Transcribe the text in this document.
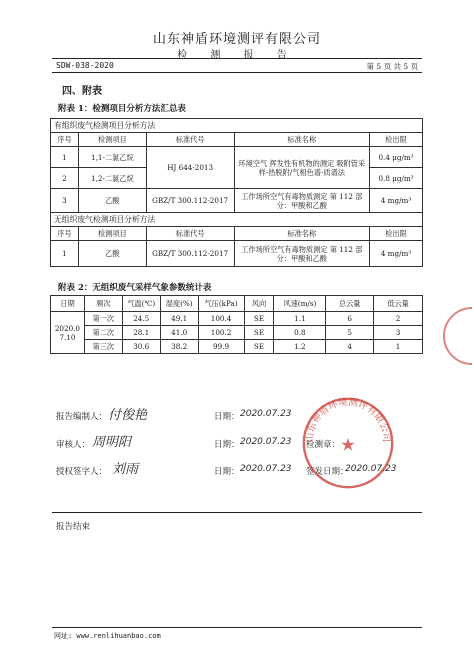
山东神盾环境测评有限公司
检 测 报 告
SDW-038-2020	第 5 页 共 5 页
四、附表
附表 1：检测项目分析方法汇总表
有组织废气检测项目分析方法				
序号	检测项目	标准代号	标准名称	检出限
1	1,1-二氯乙烷	HJ 644-2013	环境空气 挥发性有机物的测定 吸附管采样-热脱附/气相色谱-质谱法	0.4 μg/m³
2	1,2-二氯乙烷			0.8 μg/m³
3	乙酸	GBZ/T 300.112-2017	工作场所空气有毒物质测定 第 112 部分：甲酸和乙酸	4 mg/m³
无组织废气检测项目分析方法				
序号	检测项目	标准代号	标准名称	检出限
1	乙酸	GBZ/T 300.112-2017	工作场所空气有毒物质测定 第 112 部分：甲酸和乙酸	4 mg/m³
附表 2：无组织废气采样气象参数统计表
日期	频次	气温(℃)	湿度(%)	气压(kPa)	风向	风速(m/s)	总云量	低云量
2020.07.10	第一次	24.5	49.1	100.4	SE	1.1	6	2
	第二次	28.1	41.0	100.2	SE	0.8	5	3
	第三次	30.6	38.2	99.9	SE	1.2	4	1
报告编制人： 付俊艳	日期： 2020.07.23
审核人： 周明阳	日期： 2020.07.23 检测章：
授权签字人： 刘雨	日期： 2020.07.23 签发日期：
2020.07.23
山东神盾环境测评有限公司
★
报告结束
网址: www.renlihuanbao.com
